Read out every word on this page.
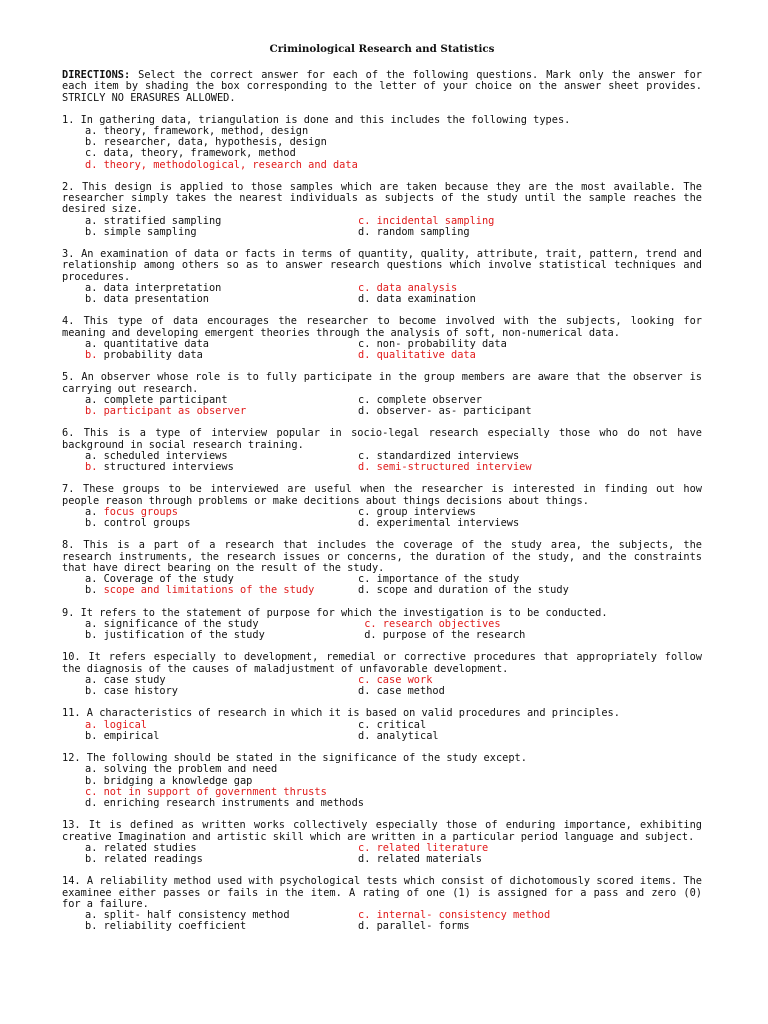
Criminological Research and Statistics
DIRECTIONS: Select the correct answer for each of the following questions. Mark only the answer for each item by shading the box corresponding to the letter of your choice on the answer sheet provides. STRICLY NO ERASURES ALLOWED.
1. In gathering data, triangulation is done and this includes the following types.
a. theory, framework, method, design
b. researcher, data, hypothesis, design
c. data, theory, framework, method
d. theory, methodological, research and data
2. This design is applied to those samples which are taken because they are the most available. The researcher simply takes the nearest individuals as subjects of the study until the sample reaches the desired size.
a. stratified sampling	c. incidental sampling
b. simple sampling	d. random sampling
3. An examination of data or facts in terms of quantity, quality, attribute, trait, pattern, trend and relationship among others so as to answer research questions which involve statistical techniques and procedures.
a. data interpretation	c. data analysis
b. data presentation	d. data examination
4. This type of data encourages the researcher to become involved with the subjects, looking for meaning and developing emergent theories through the analysis of soft, non-numerical data.
a. quantitative data	c. non- probability data
b. probability data	d. qualitative data
5. An observer whose role is to fully participate in the group members are aware that the observer is carrying out research.
a. complete participant	c. complete observer
b. participant as observer	d. observer- as- participant
6. This is a type of interview popular in socio-legal research especially those who do not have background in social research training.
a. scheduled interviews	c. standardized interviews
b. structured interviews	d. semi-structured interview
7. These groups to be interviewed are useful when the researcher is interested in finding out how people reason through problems or make decitions about things decisions about things.
a. focus groups	c. group interviews
b. control groups	d. experimental interviews
8. This is a part of a research that includes the coverage of the study area, the subjects, the research instruments, the research issues or concerns, the duration of the study, and the constraints that have direct bearing on the result of the study.
a. Coverage of the study	c. importance of the study
b. scope and limitations of the study	d. scope and duration of the study
9. It refers to the statement of purpose for which the investigation is to be conducted.
a. significance of the study	c. research objectives
b. justification of the study	d. purpose of the research
10. It refers especially to development, remedial or corrective procedures that appropriately follow the diagnosis of the causes of maladjustment of unfavorable development.
a. case study	c. case work
b. case history	d. case method
11. A characteristics of research in which it is based on valid procedures and principles.
a. logical	c. critical
b. empirical	d. analytical
12. The following should be stated in the significance of the study except.
a. solving the problem and need
b. bridging a knowledge gap
c. not in support of government thrusts
d. enriching research instruments and methods
13. It is defined as written works collectively especially those of enduring importance, exhibiting creative Imagination and artistic skill which are written in a particular period language and subject.
a. related studies	c. related literature
b. related readings	d. related materials
14. A reliability method used with psychological tests which consist of dichotomously scored items. The examinee either passes or fails in the item. A rating of one (1) is assigned for a pass and zero (0) for a failure.
a. split- half consistency method	c. internal- consistency method
b. reliability coefficient	d. parallel- forms
